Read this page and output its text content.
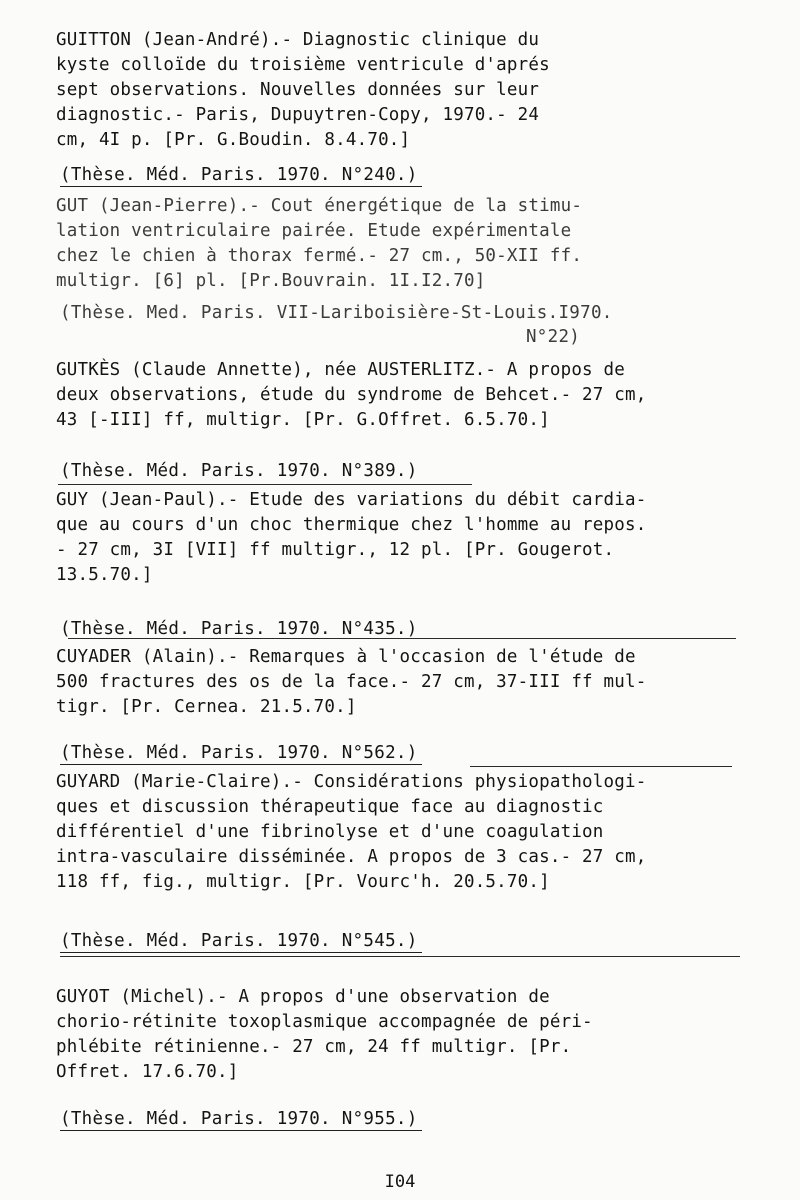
GUITTON (Jean-André).- Diagnostic clinique du

kyste colloïde du troisième ventricule d'aprés

sept observations. Nouvelles données sur leur

diagnostic.- Paris, Dupuytren-Copy, 1970.- 24

cm, 4I p. [Pr. G.Boudin. 8.4.70.]

(Thèse. Méd. Paris. 1970. N°240.)

GUT (Jean-Pierre).- Cout énergétique de la stimu-

lation ventriculaire pairée. Etude expérimentale

chez le chien à thorax fermé.- 27 cm., 50-XII ff.

multigr. [6] pl. [Pr.Bouvrain. 1I.I2.70]

(Thèse. Med. Paris. VII-Lariboisière-St-Louis.I970.

N°22)

GUTKÈS (Claude Annette), née AUSTERLITZ.- A propos de

deux observations, étude du syndrome de Behcet.- 27 cm,

43 [-III] ff, multigr. [Pr. G.Offret. 6.5.70.]

(Thèse. Méd. Paris. 1970. N°389.)

GUY (Jean-Paul).- Etude des variations du débit cardia-

que au cours d'un choc thermique chez l'homme au repos.

- 27 cm, 3I [VII] ff multigr., 12 pl. [Pr. Gougerot.

13.5.70.]

(Thèse. Méd. Paris. 1970. N°435.)

CUYADER (Alain).- Remarques à l'occasion de l'étude de

500 fractures des os de la face.- 27 cm, 37-III ff mul-

tigr. [Pr. Cernea. 21.5.70.]

(Thèse. Méd. Paris. 1970. N°562.)

GUYARD (Marie-Claire).- Considérations physiopathologi-

ques et discussion thérapeutique face au diagnostic

différentiel d'une fibrinolyse et d'une coagulation

intra-vasculaire disséminée. A propos de 3 cas.- 27 cm,

118 ff, fig., multigr. [Pr. Vourc'h. 20.5.70.]

(Thèse. Méd. Paris. 1970. N°545.)

GUYOT (Michel).- A propos d'une observation de

chorio-rétinite toxoplasmique accompagnée de péri-

phlébite rétinienne.- 27 cm, 24 ff multigr. [Pr.

Offret. 17.6.70.]

(Thèse. Méd. Paris. 1970. N°955.)

I04
